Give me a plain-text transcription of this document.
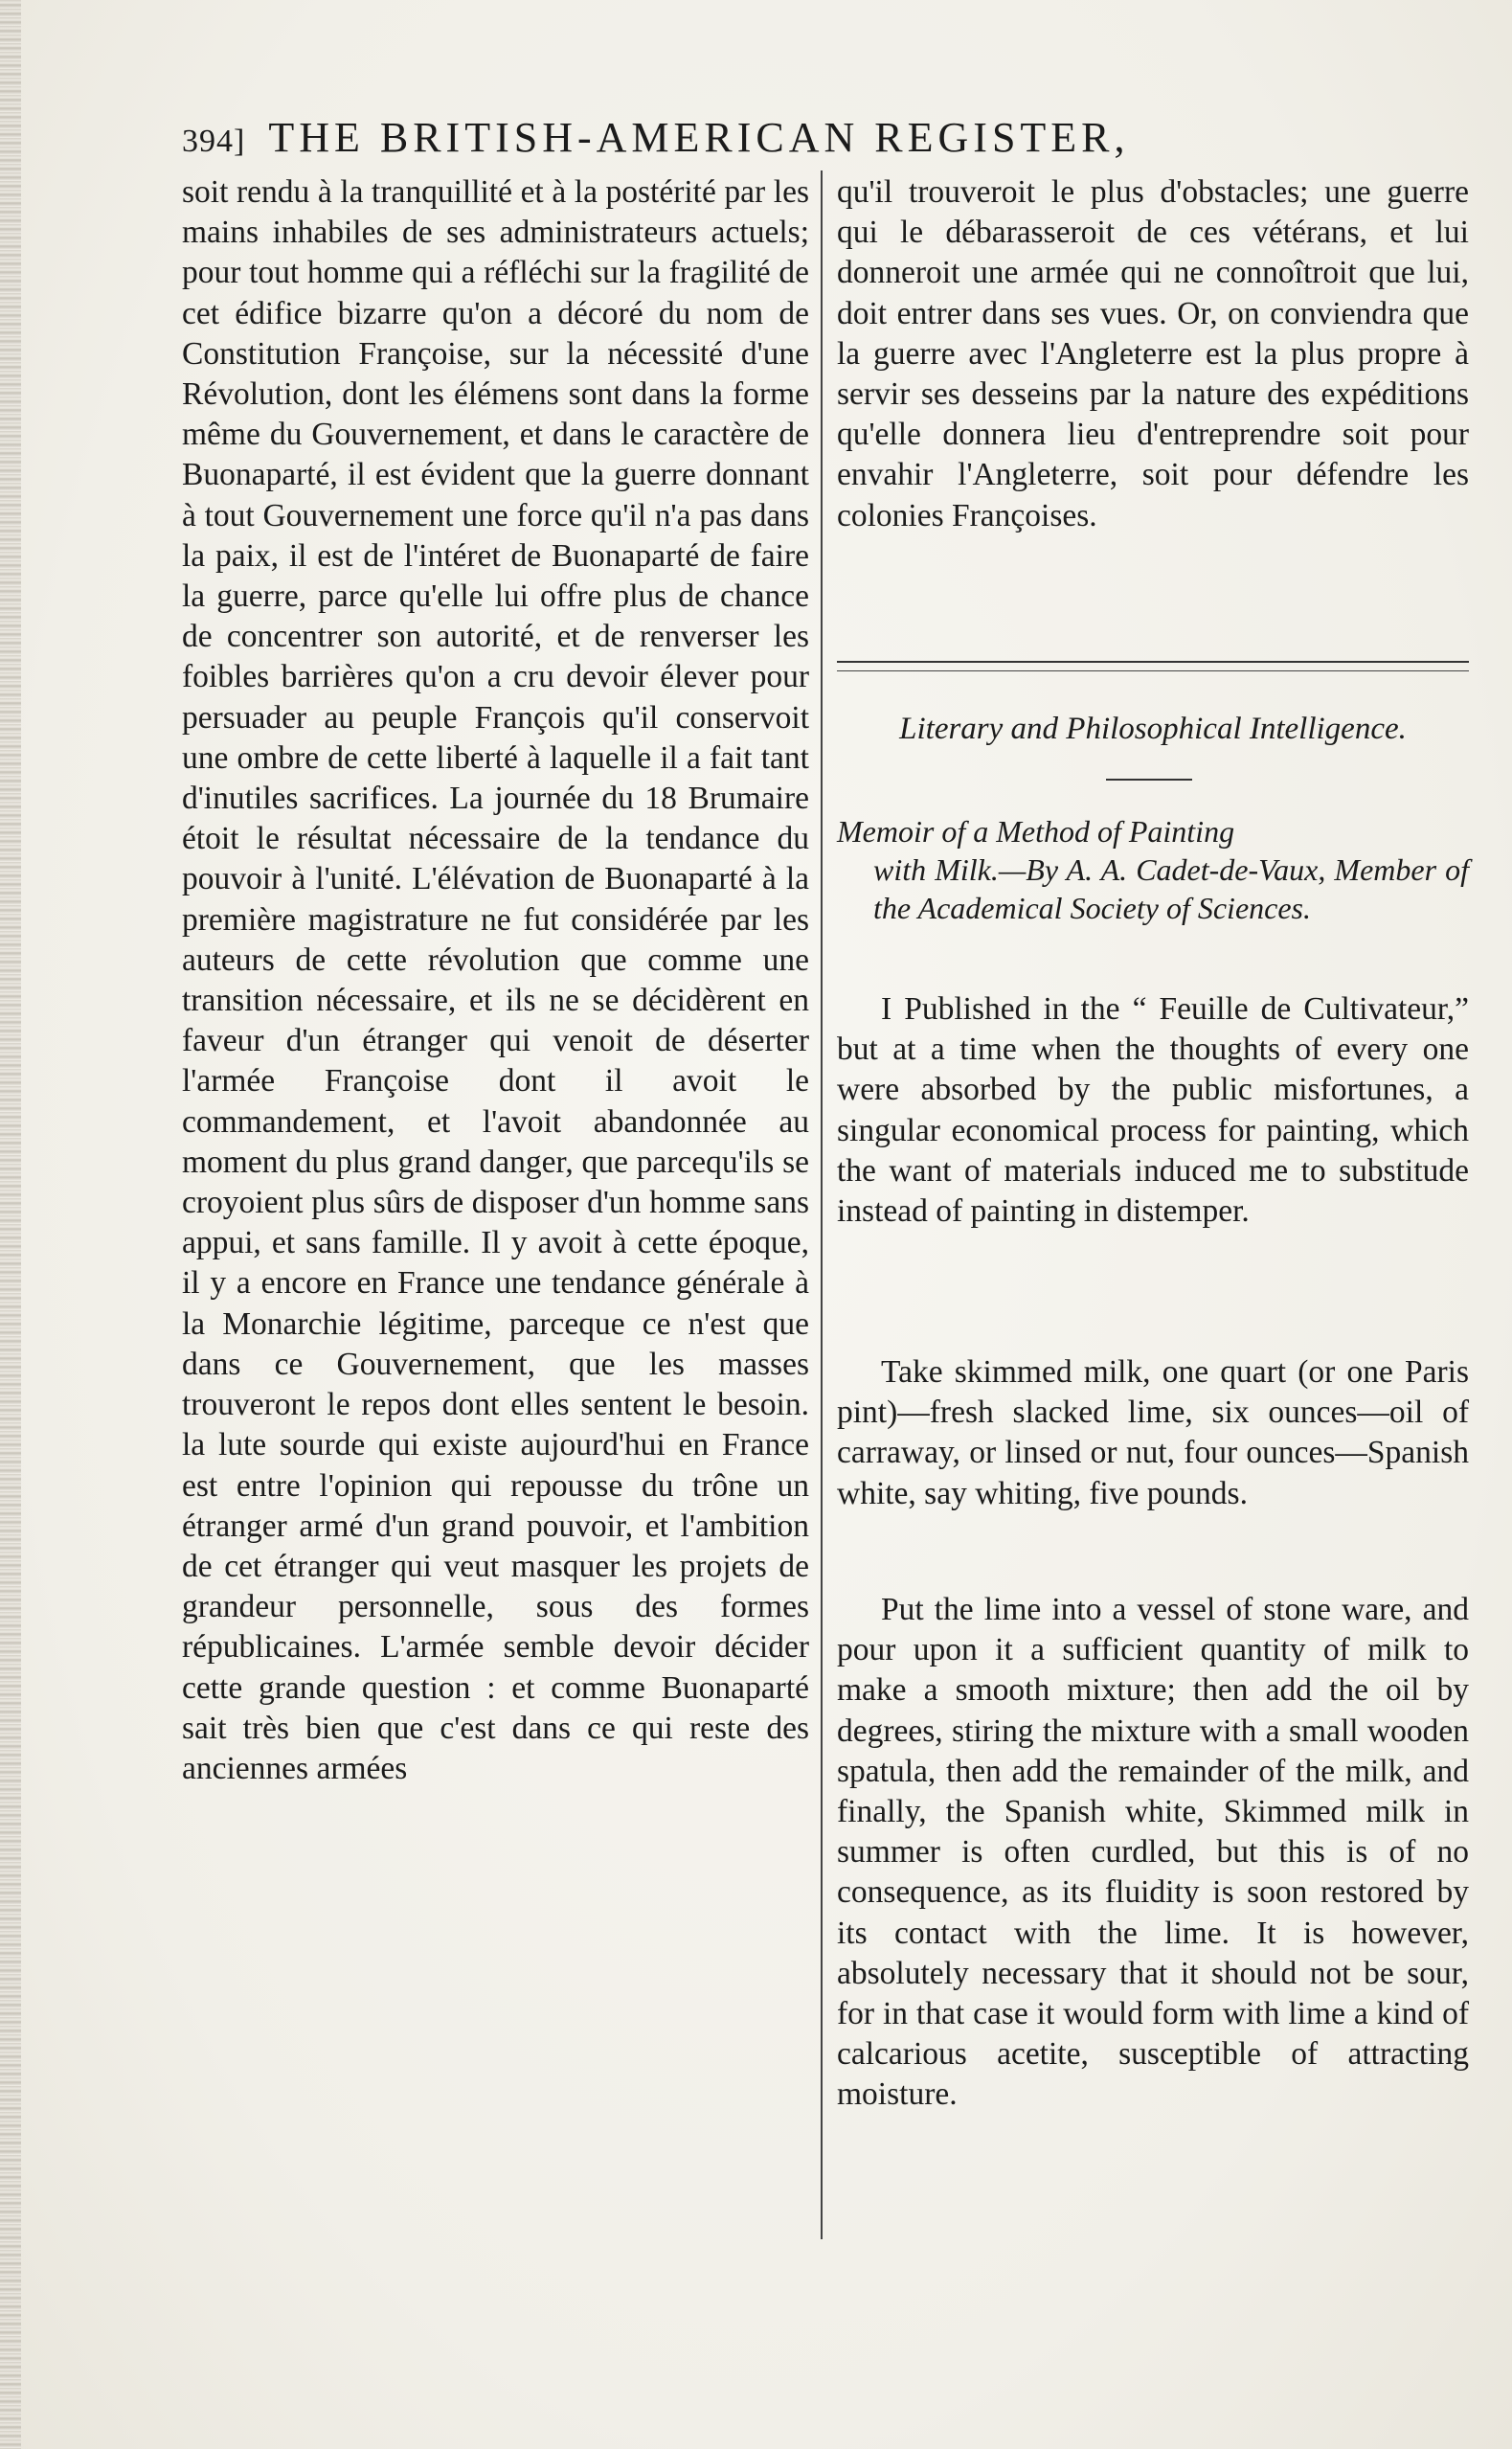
394] THE BRITISH-AMERICAN REGISTER,

soit rendu à la tranquillité et à la postérité par les mains inhabiles de ses administrateurs actuels; pour tout homme qui a réfléchi sur la fragilité de cet édifice bizarre qu'on a décoré du nom de Constitution Françoise, sur la nécessité d'une Révolution, dont les élémens sont dans la forme même du Gouvernement, et dans le caractère de Buonaparté, il est évident que la guerre donnant à tout Gouvernement une force qu'il n'a pas dans la paix, il est de l'intéret de Buonaparté de faire la guerre, parce qu'elle lui offre plus de chance de concentrer son autorité, et de renverser les foibles barrières qu'on a cru devoir élever pour persuader au peuple François qu'il conservoit une ombre de cette liberté à laquelle il a fait tant d'inutiles sacrifices. La journée du 18 Brumaire étoit le résultat nécessaire de la tendance du pouvoir à l'unité. L'élévation de Buonaparté à la première magistrature ne fut considérée par les auteurs de cette révolution que comme une transition nécessaire, et ils ne se décidèrent en faveur d'un étranger qui venoit de déserter l'armée Françoise dont il avoit le commandement, et l'avoit abandonnée au moment du plus grand danger, que parcequ'ils se croyoient plus sûrs de disposer d'un homme sans appui, et sans famille. Il y avoit à cette époque, il y a encore en France une tendance générale à la Monarchie légitime, parceque ce n'est que dans ce Gouvernement, que les masses trouveront le repos dont elles sentent le besoin. la lute sourde qui existe aujourd'hui en France est entre l'opinion qui repousse du trône un étranger armé d'un grand pouvoir, et l'ambition de cet étranger qui veut masquer les projets de grandeur personnelle, sous des formes républicaines. L'armée semble devoir décider cette grande question : et comme Buonaparté sait très bien que c'est dans ce qui reste des anciennes armées

qu'il trouveroit le plus d'obstacles; une guerre qui le débarasseroit de ces vétérans, et lui donneroit une armée qui ne connoîtroit que lui, doit entrer dans ses vues. Or, on conviendra que la guerre avec l'Angleterre est la plus propre à servir ses desseins par la nature des expéditions qu'elle donnera lieu d'entreprendre soit pour envahir l'Angleterre, soit pour défendre les colonies Françoises.

Literary and Philosophical Intelligence.
Memoir of a Method of Painting
with Milk.—By A. A. Cadet-de-Vaux, Member of the Academical Society of Sciences.

I Published in the “ Feuille de Cultivateur,” but at a time when the thoughts of every one were absorbed by the public misfortunes, a singular economical process for painting, which the want of materials induced me to substitude instead of painting in distemper.

Take skimmed milk, one quart (or one Paris pint)—fresh slacked lime, six ounces—oil of carraway, or linsed or nut, four ounces—Spanish white, say whiting, five pounds.

Put the lime into a vessel of stone ware, and pour upon it a sufficient quantity of milk to make a smooth mixture; then add the oil by degrees, stiring the mixture with a small wooden spatula, then add the remainder of the milk, and finally, the Spanish white, Skimmed milk in summer is often curdled, but this is of no consequence, as its fluidity is soon restored by its contact with the lime. It is however, absolutely necessary that it should not be sour, for in that case it would form with lime a kind of calcarious acetite, susceptible of attracting moisture.
